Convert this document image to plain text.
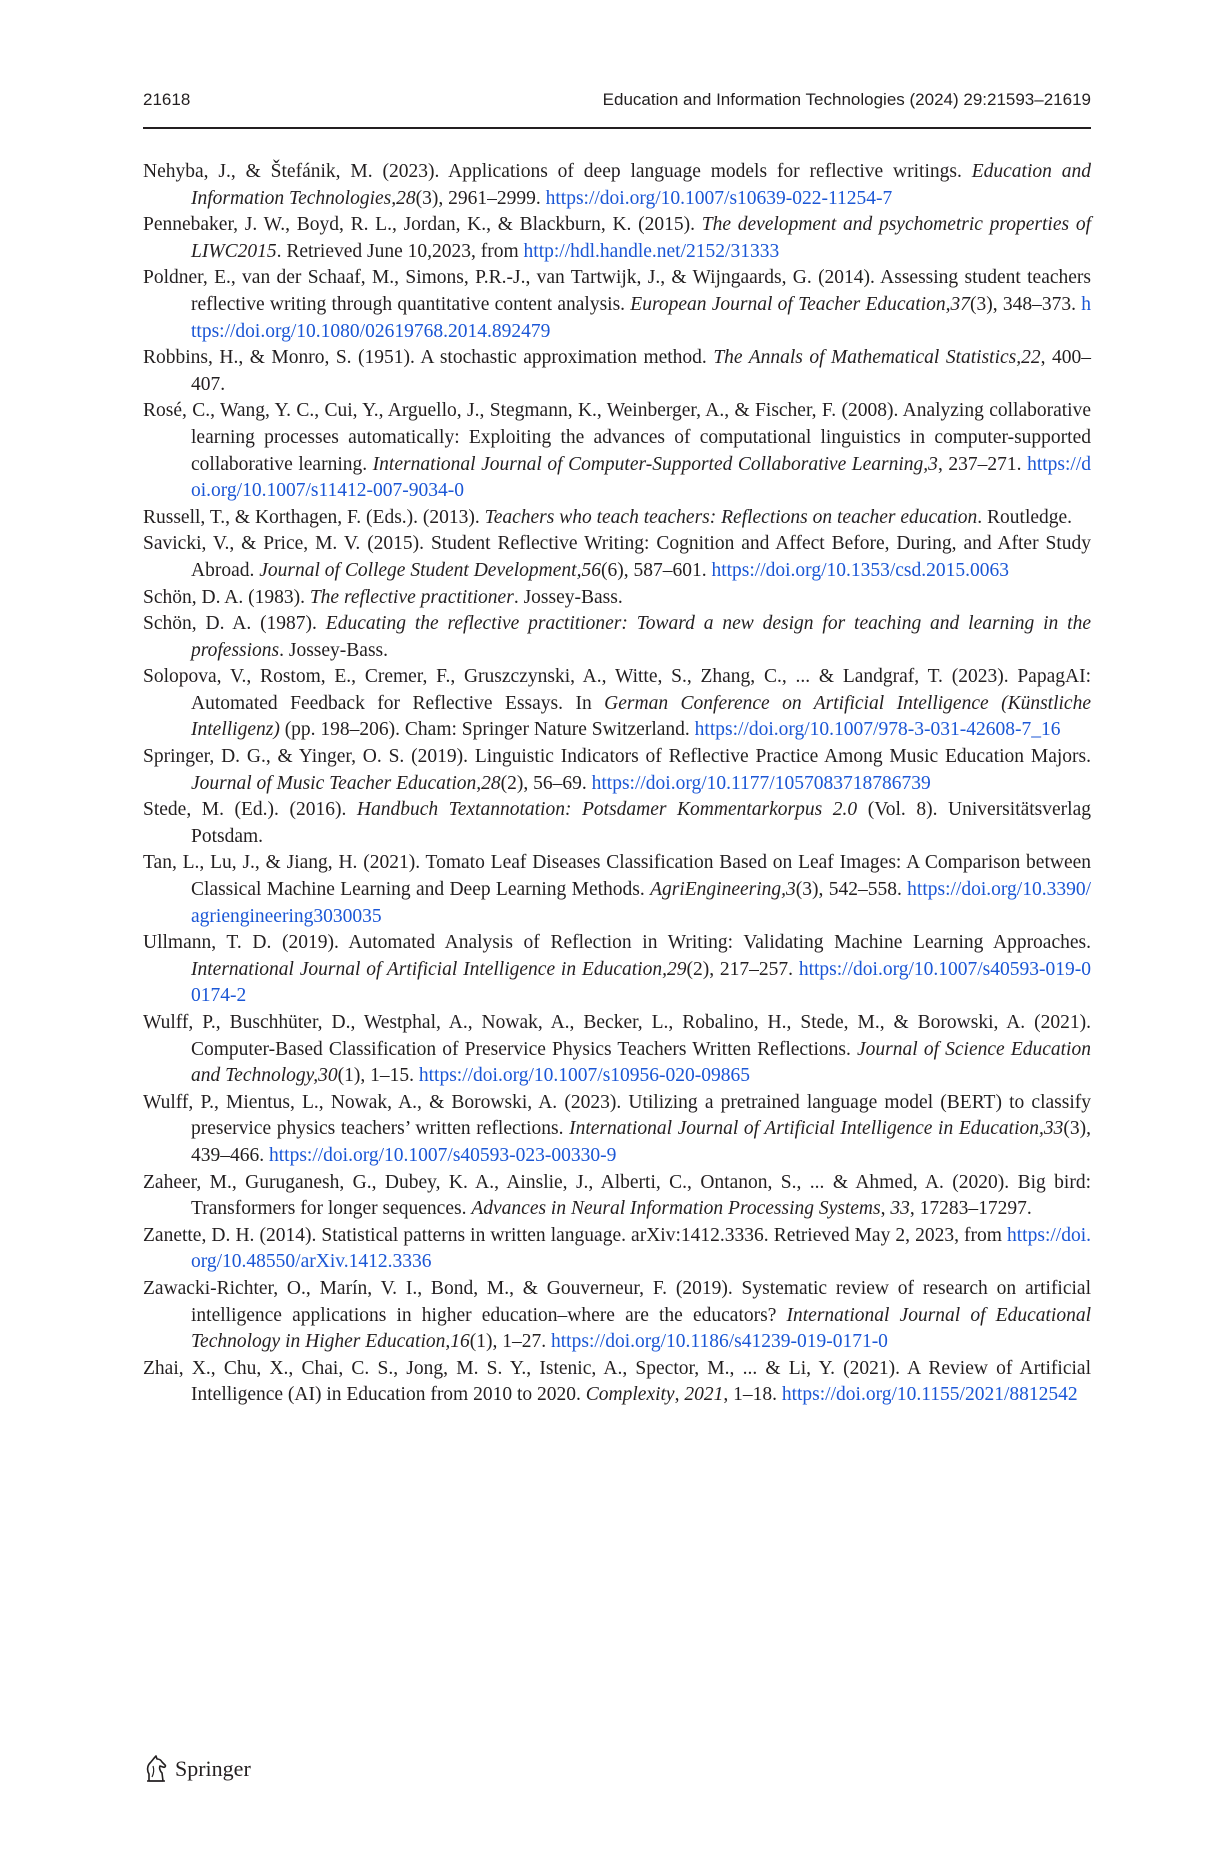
21618	Education and Information Technologies (2024) 29:21593–21619
Nehyba, J., & Štefánik, M. (2023). Applications of deep language models for reflective writings. Education and Information Technologies,28(3), 2961–2999. https://doi.org/10.1007/s10639-022-11254-7
Pennebaker, J. W., Boyd, R. L., Jordan, K., & Blackburn, K. (2015). The development and psychometric properties of LIWC2015. Retrieved June 10,2023, from http://hdl.handle.net/2152/31333
Poldner, E., van der Schaaf, M., Simons, P.R.-J., van Tartwijk, J., & Wijngaards, G. (2014). Assessing student teachers reflective writing through quantitative content analysis. European Journal of Teacher Education,37(3), 348–373. https://doi.org/10.1080/02619768.2014.892479
Robbins, H., & Monro, S. (1951). A stochastic approximation method. The Annals of Mathematical Statistics,22, 400–407.
Rosé, C., Wang, Y. C., Cui, Y., Arguello, J., Stegmann, K., Weinberger, A., & Fischer, F. (2008). Analyzing collaborative learning processes automatically: Exploiting the advances of computational linguistics in computer-supported collaborative learning. International Journal of Computer-Supported Collaborative Learning,3, 237–271. https://doi.org/10.1007/s11412-007-9034-0
Russell, T., & Korthagen, F. (Eds.). (2013). Teachers who teach teachers: Reflections on teacher education. Routledge.
Savicki, V., & Price, M. V. (2015). Student Reflective Writing: Cognition and Affect Before, During, and After Study Abroad. Journal of College Student Development,56(6), 587–601. https://doi.org/10.1353/csd.2015.0063
Schön, D. A. (1983). The reflective practitioner. Jossey-Bass.
Schön, D. A. (1987). Educating the reflective practitioner: Toward a new design for teaching and learning in the professions. Jossey-Bass.
Solopova, V., Rostom, E., Cremer, F., Gruszczynski, A., Witte, S., Zhang, C., ... & Landgraf, T. (2023). PapagAI: Automated Feedback for Reflective Essays. In German Conference on Artificial Intelligence (Künstliche Intelligenz) (pp. 198–206). Cham: Springer Nature Switzerland. https://doi.org/10.1007/978-3-031-42608-7_16
Springer, D. G., & Yinger, O. S. (2019). Linguistic Indicators of Reflective Practice Among Music Education Majors. Journal of Music Teacher Education,28(2), 56–69. https://doi.org/10.1177/1057083718786739
Stede, M. (Ed.). (2016). Handbuch Textannotation: Potsdamer Kommentarkorpus 2.0 (Vol. 8). Universitätsverlag Potsdam.
Tan, L., Lu, J., & Jiang, H. (2021). Tomato Leaf Diseases Classification Based on Leaf Images: A Comparison between Classical Machine Learning and Deep Learning Methods. AgriEngineering,3(3), 542–558. https://doi.org/10.3390/agriengineering3030035
Ullmann, T. D. (2019). Automated Analysis of Reflection in Writing: Validating Machine Learning Approaches. International Journal of Artificial Intelligence in Education,29(2), 217–257. https://doi.org/10.1007/s40593-019-00174-2
Wulff, P., Buschhüter, D., Westphal, A., Nowak, A., Becker, L., Robalino, H., Stede, M., & Borowski, A. (2021). Computer-Based Classification of Preservice Physics Teachers Written Reflections. Journal of Science Education and Technology,30(1), 1–15. https://doi.org/10.1007/s10956-020-09865
Wulff, P., Mientus, L., Nowak, A., & Borowski, A. (2023). Utilizing a pretrained language model (BERT) to classify preservice physics teachers’ written reflections. International Journal of Artificial Intelligence in Education,33(3), 439–466. https://doi.org/10.1007/s40593-023-00330-9
Zaheer, M., Guruganesh, G., Dubey, K. A., Ainslie, J., Alberti, C., Ontanon, S., ... & Ahmed, A. (2020). Big bird: Transformers for longer sequences. Advances in Neural Information Processing Systems, 33, 17283–17297.
Zanette, D. H. (2014). Statistical patterns in written language. arXiv:1412.3336. Retrieved May 2, 2023, from https://doi.org/10.48550/arXiv.1412.3336
Zawacki-Richter, O., Marín, V. I., Bond, M., & Gouverneur, F. (2019). Systematic review of research on artificial intelligence applications in higher education–where are the educators? International Journal of Educational Technology in Higher Education,16(1), 1–27. https://doi.org/10.1186/s41239-019-0171-0
Zhai, X., Chu, X., Chai, C. S., Jong, M. S. Y., Istenic, A., Spector, M., ... & Li, Y. (2021). A Review of Artificial Intelligence (AI) in Education from 2010 to 2020. Complexity, 2021, 1–18. https://doi.org/10.1155/2021/8812542
Springer
